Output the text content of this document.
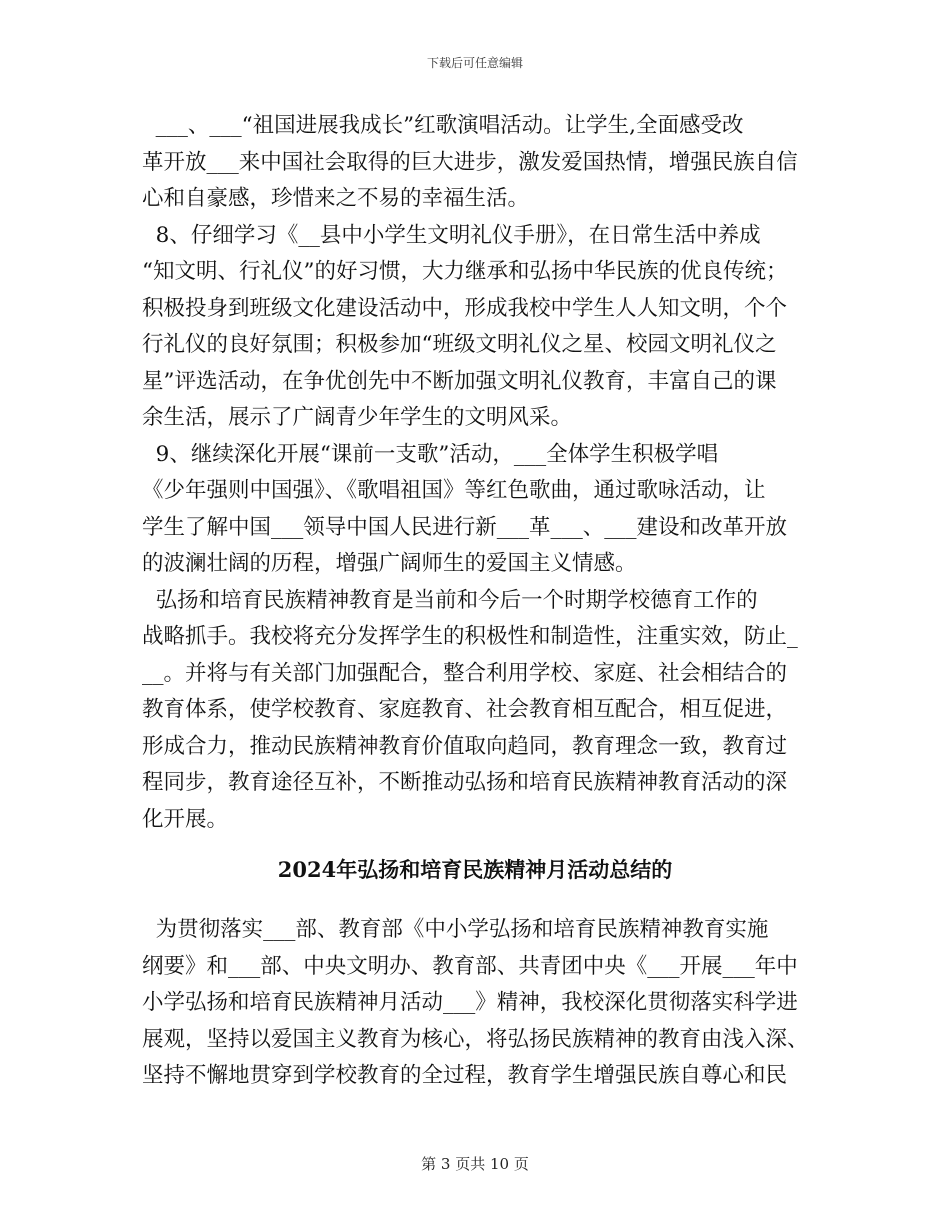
下载后可任意编辑
___、___“祖国进展我成长”红歌演唱活动。让学生,全面感受改
革开放___来中国社会取得的巨大进步，激发爱国热情，增强民族自信
心和自豪感，珍惜来之不易的幸福生活。
8、仔细学习《__县中小学生文明礼仪手册》，在日常生活中养成
“知文明、行礼仪”的好习惯，大力继承和弘扬中华民族的优良传统；
积极投身到班级文化建设活动中，形成我校中学生人人知文明，个个
行礼仪的良好氛围；积极参加“班级文明礼仪之星、校园文明礼仪之
星”评选活动，在争优创先中不断加强文明礼仪教育，丰富自己的课
余生活，展示了广阔青少年学生的文明风采。
9、继续深化开展“课前一支歌”活动，___全体学生积极学唱
《少年强则中国强》、《歌唱祖国》等红色歌曲，通过歌咏活动，让
学生了解中国___领导中国人民进行新___革___、___建设和改革开放
的波澜壮阔的历程，增强广阔师生的爱国主义情感。
弘扬和培育民族精神教育是当前和今后一个时期学校德育工作的
战略抓手。我校将充分发挥学生的积极性和制造性，注重实效，防止_
__。并将与有关部门加强配合，整合利用学校、家庭、社会相结合的
教育体系，使学校教育、家庭教育、社会教育相互配合，相互促进，
形成合力，推动民族精神教育价值取向趋同，教育理念一致，教育过
程同步，教育途径互补，不断推动弘扬和培育民族精神教育活动的深
化开展。
2024年弘扬和培育民族精神月活动总结的
为贯彻落实___部、教育部《中小学弘扬和培育民族精神教育实施
纲要》和___部、中央文明办、教育部、共青团中央《___开展___年中
小学弘扬和培育民族精神月活动___》精神，我校深化贯彻落实科学进
展观，坚持以爱国主义教育为核心，将弘扬民族精神的教育由浅入深、
坚持不懈地贯穿到学校教育的全过程，教育学生增强民族自尊心和民
第 3 页共 10 页
